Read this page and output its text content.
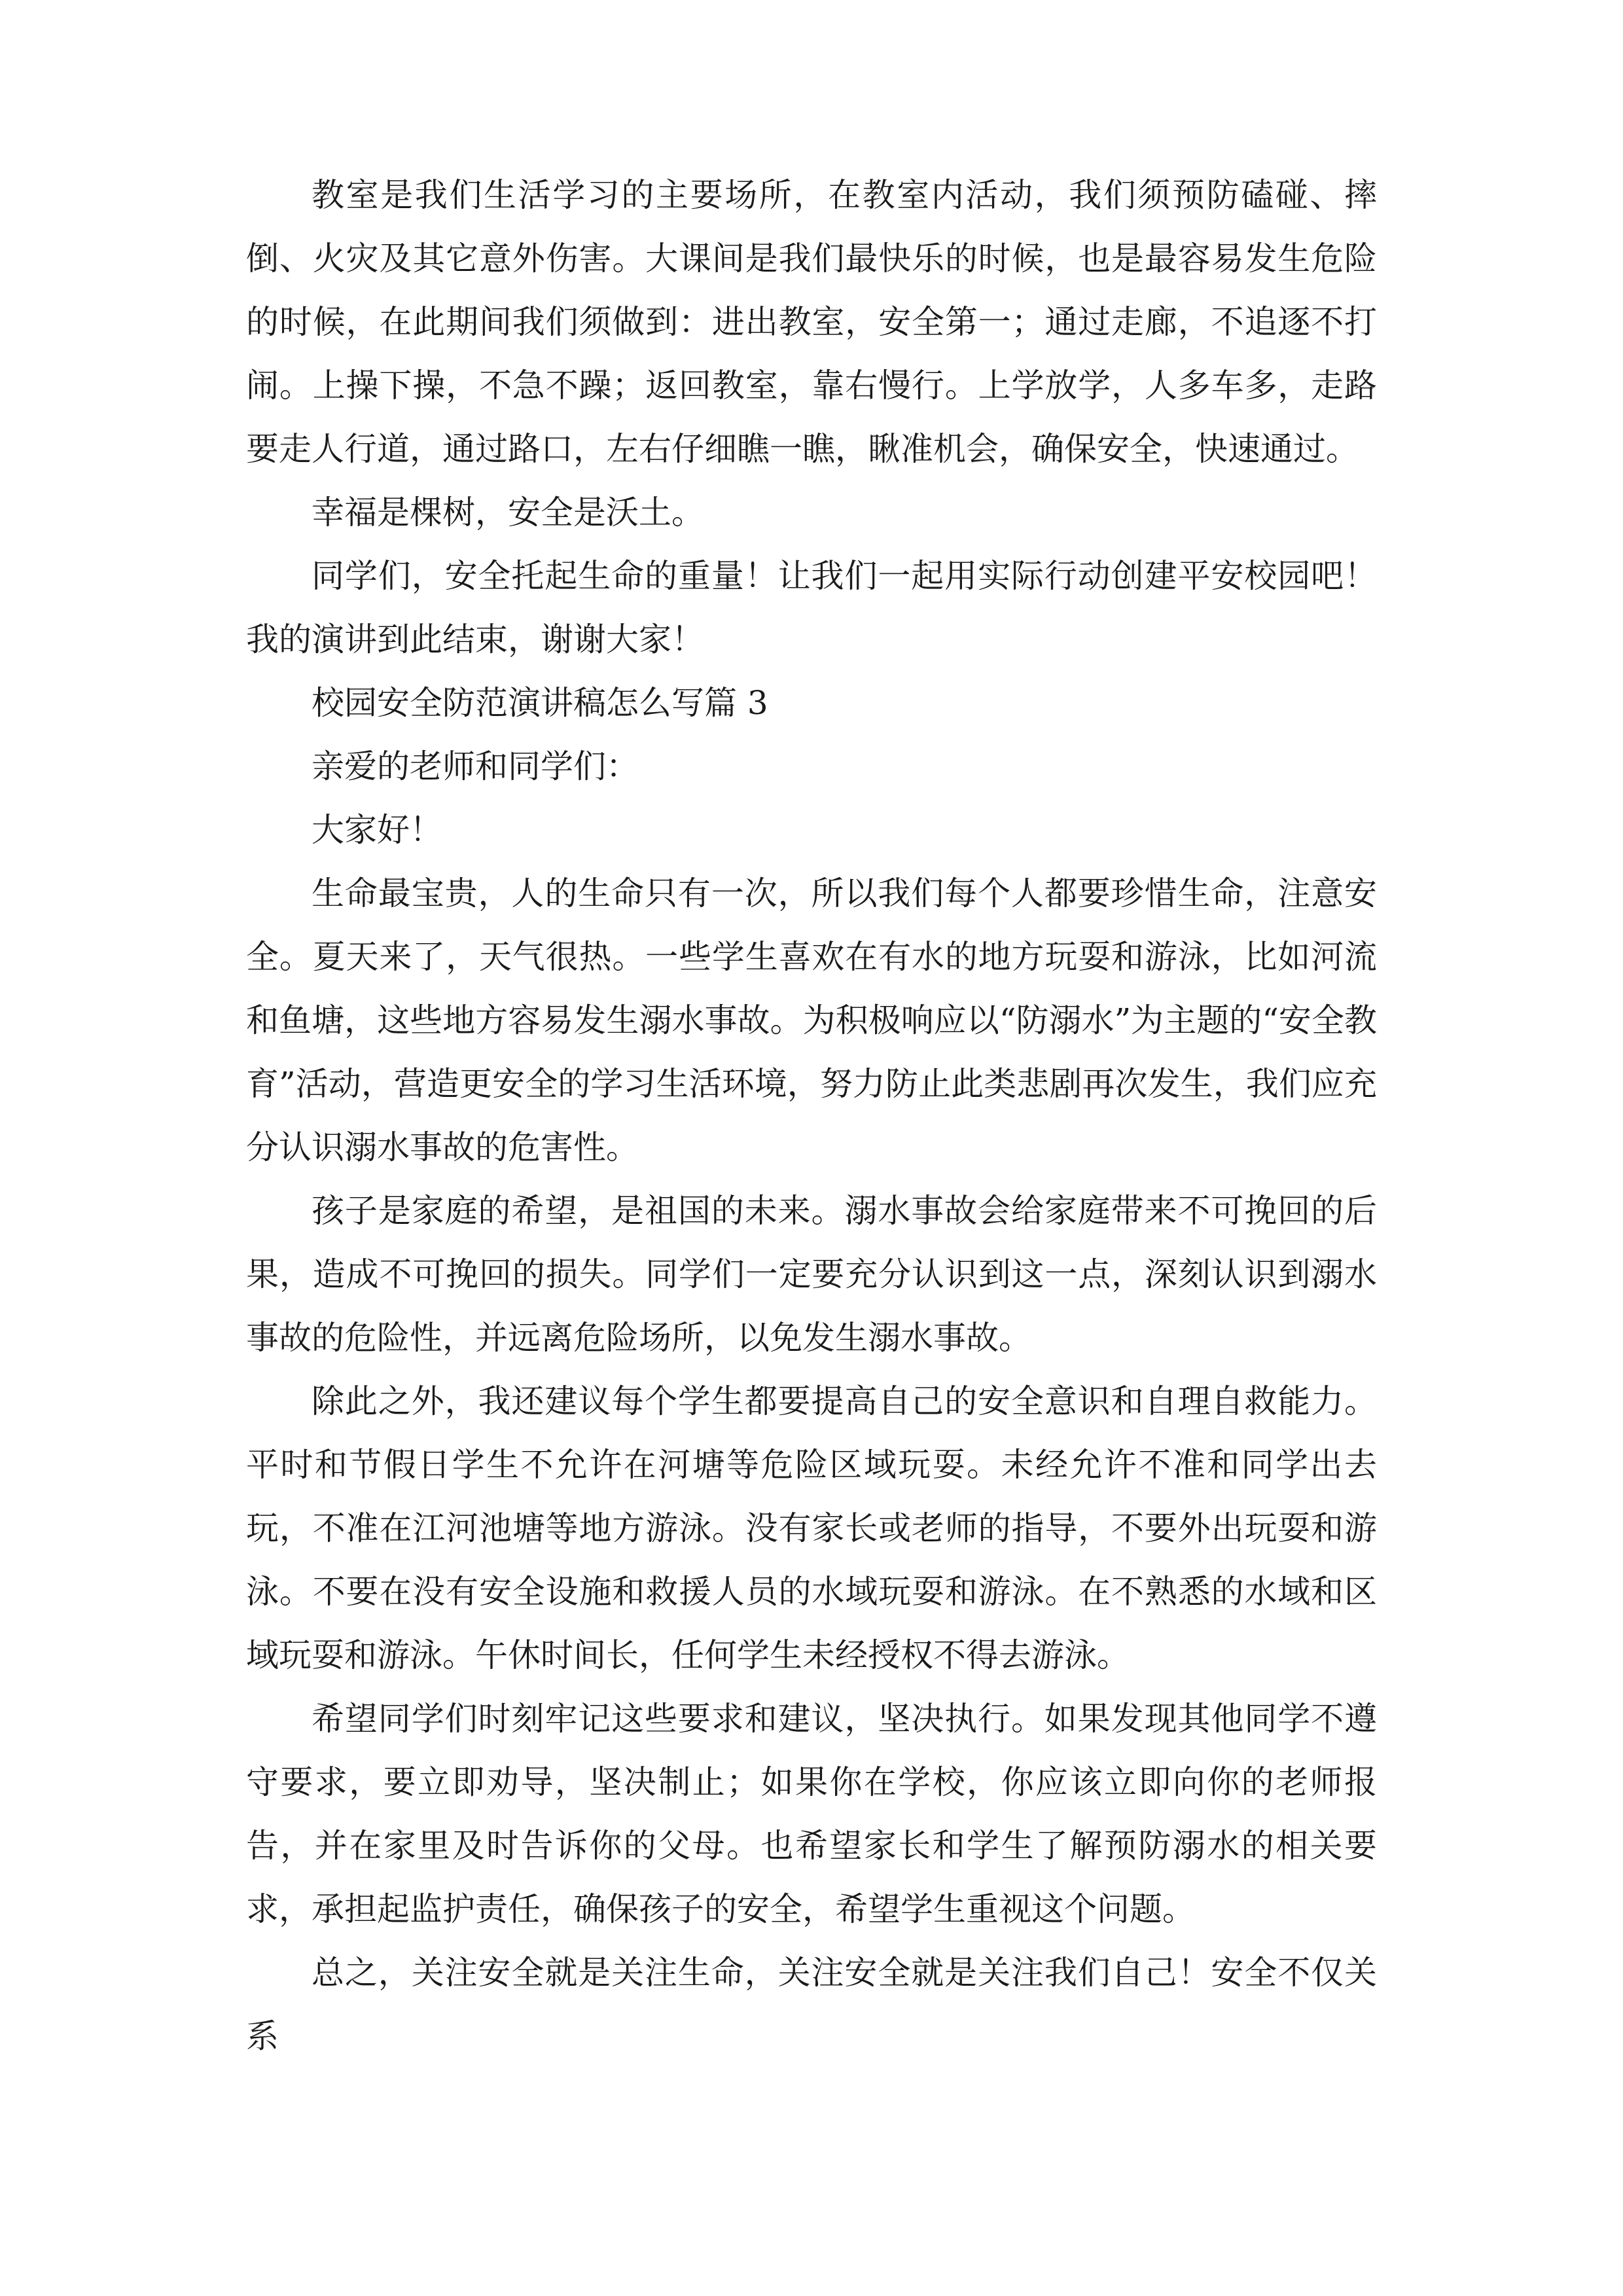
教室是我们生活学习的主要场所，在教室内活动，我们须预防磕碰、摔倒、火灾及其它意外伤害。大课间是我们最快乐的时候，也是最容易发生危险的时候，在此期间我们须做到：进出教室，安全第一；通过走廊，不追逐不打闹。上操下操，不急不躁；返回教室，靠右慢行。上学放学，人多车多，走路要走人行道，通过路口，左右仔细瞧一瞧，瞅准机会，确保安全，快速通过。

幸福是棵树，安全是沃土。

同学们，安全托起生命的重量！让我们一起用实际行动创建平安校园吧！我的演讲到此结束，谢谢大家！

校园安全防范演讲稿怎么写篇 3

亲爱的老师和同学们：

大家好！

生命最宝贵，人的生命只有一次，所以我们每个人都要珍惜生命，注意安全。夏天来了，天气很热。一些学生喜欢在有水的地方玩耍和游泳，比如河流和鱼塘，这些地方容易发生溺水事故。为积极响应以“防溺水”为主题的“安全教育”活动，营造更安全的学习生活环境，努力防止此类悲剧再次发生，我们应充分认识溺水事故的危害性。

孩子是家庭的希望，是祖国的未来。溺水事故会给家庭带来不可挽回的后果，造成不可挽回的损失。同学们一定要充分认识到这一点，深刻认识到溺水事故的危险性，并远离危险场所，以免发生溺水事故。

除此之外，我还建议每个学生都要提高自己的安全意识和自理自救能力。平时和节假日学生不允许在河塘等危险区域玩耍。未经允许不准和同学出去玩，不准在江河池塘等地方游泳。没有家长或老师的指导，不要外出玩耍和游泳。不要在没有安全设施和救援人员的水域玩耍和游泳。在不熟悉的水域和区域玩耍和游泳。午休时间长，任何学生未经授权不得去游泳。

希望同学们时刻牢记这些要求和建议，坚决执行。如果发现其他同学不遵守要求，要立即劝导，坚决制止；如果你在学校，你应该立即向你的老师报告，并在家里及时告诉你的父母。也希望家长和学生了解预防溺水的相关要求，承担起监护责任，确保孩子的安全，希望学生重视这个问题。

总之，关注安全就是关注生命，关注安全就是关注我们自己！安全不仅关系
